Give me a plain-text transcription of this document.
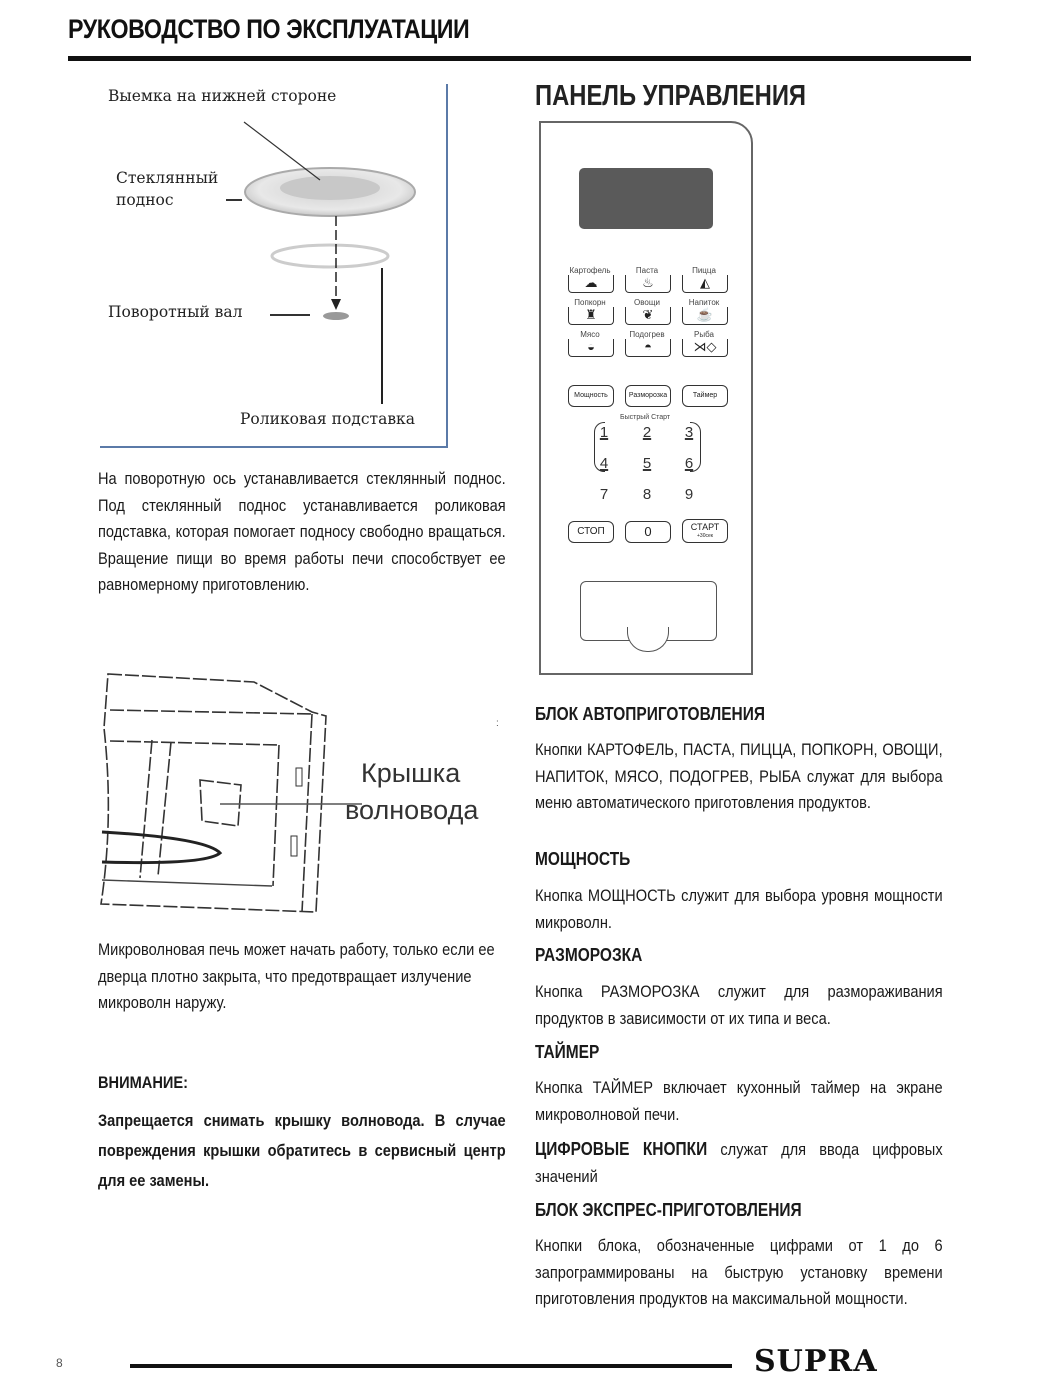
РУКОВОДСТВО ПО ЭКСПЛУАТАЦИИ
Выемка на нижней стороне
Стеклянный
поднос
Поворотный вал
Роликовая подставка
На поворотную ось устанавливается стеклянный поднос. Под стеклянный поднос устанавливается роликовая подставка, которая помогает подносу свободно вращаться. Вращение пищи во время работы печи способствует ее равномерному приготовлению.
:
Крышка
волновода
Микроволновая печь может начать работу, только если ее дверца плотно закрыта, что предотвращает излучение микроволн наружу.
ВНИМАНИЕ:
Запрещается снимать крышку волновода. В случае повреждения крышки обратитесь в сервисный центр для ее замены.
ПАНЕЛЬ УПРАВЛЕНИЯ
Картофель
☁
Паста
♨
Пицца
◭
Попкорн
♜
Овощи
❦
Напиток
☕
Мясо
◒
Подогрев
◓
Рыба
⋊◇
Мощность	Разморозка	Таймер
Быстрый Старт
1	2	3
4	5	6
7	8	9
СТОП	0	СТАРТ
+30сек
БЛОК АВТОПРИГОТОВЛЕНИЯ
Кнопки КАРТОФЕЛЬ, ПАСТА, ПИЦЦА, ПОПКОРН, ОВОЩИ, НАПИТОК, МЯСО, ПОДОГРЕВ, РЫБА служат для выбора меню автоматического приготовления продуктов.
МОЩНОСТЬ
Кнопка МОЩНОСТЬ служит для выбора уровня мощности микроволн.
РАЗМОРОЗКА
Кнопка РАЗМОРОЗКА служит для размораживания продуктов в зависимости от их типа и веса.
ТАЙМЕР
Кнопка ТАЙМЕР включает кухонный таймер на экране микроволновой печи.
ЦИФРОВЫЕ КНОПКИ служат для ввода цифровых значений
БЛОК ЭКСПРЕС-ПРИГОТОВЛЕНИЯ
Кнопки блока, обозначенные цифрами от 1 до 6 запрограммированы на быструю установку времени приготовления продуктов на максимальной мощности.
8	SUPRA
